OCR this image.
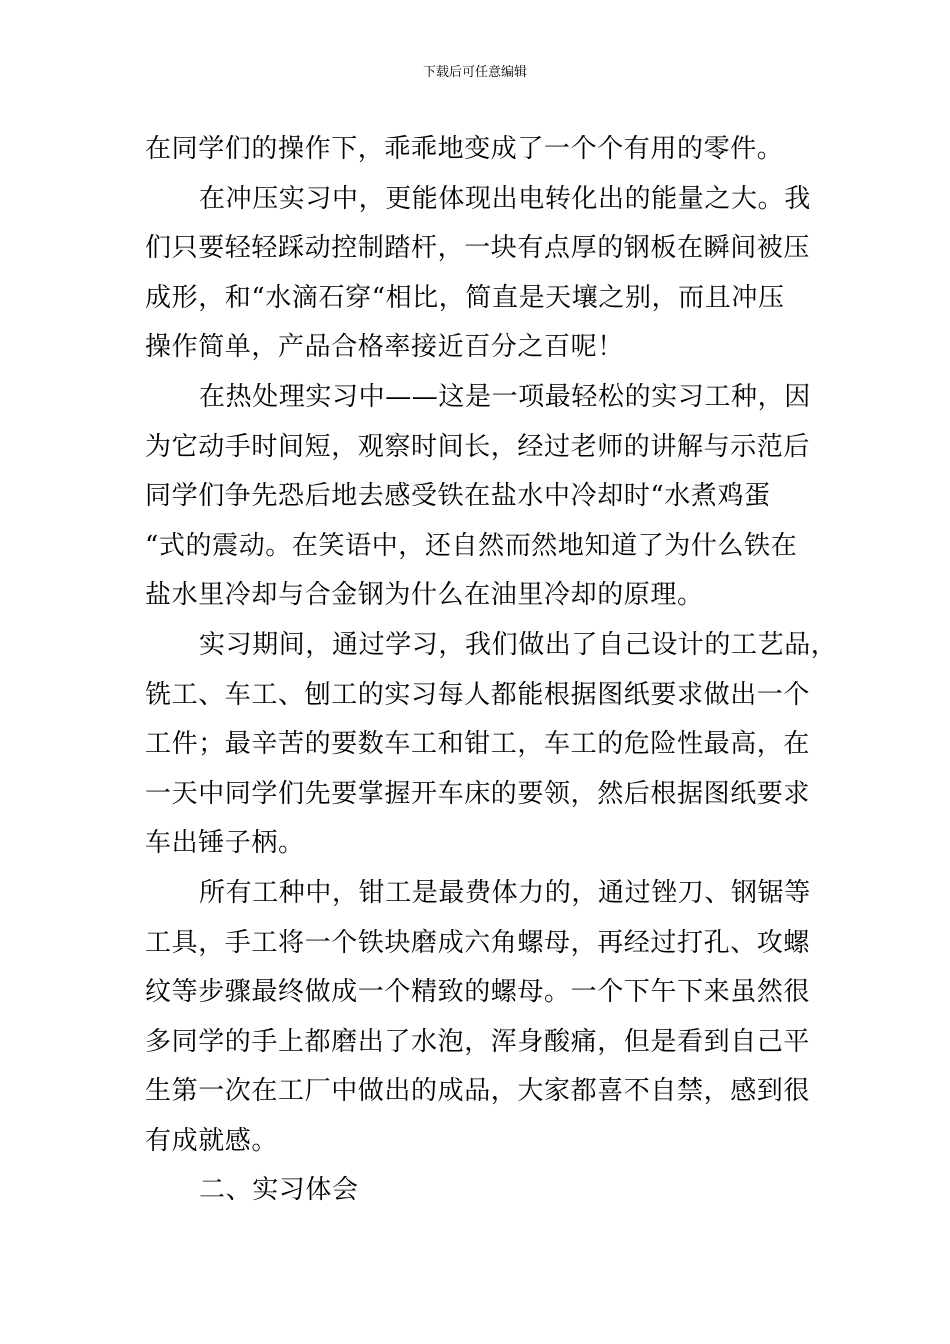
下载后可任意编辑
在同学们的操作下，乖乖地变成了一个个有用的零件。
在冲压实习中，更能体现出电转化出的能量之大。我
们只要轻轻踩动控制踏杆，一块有点厚的钢板在瞬间被压
成形，和“水滴石穿“相比，简直是天壤之别，而且冲压
操作简单，产品合格率接近百分之百呢！
在热处理实习中——这是一项最轻松的实习工种，因
为它动手时间短，观察时间长，经过老师的讲解与示范后
同学们争先恐后地去感受铁在盐水中冷却时“水煮鸡蛋
“式的震动。在笑语中，还自然而然地知道了为什么铁在
盐水里冷却与合金钢为什么在油里冷却的原理。
实习期间，通过学习，我们做出了自己设计的工艺品，
铣工、车工、刨工的实习每人都能根据图纸要求做出一个
工件；最辛苦的要数车工和钳工，车工的危险性最高，在
一天中同学们先要掌握开车床的要领，然后根据图纸要求
车出锤子柄。
所有工种中，钳工是最费体力的，通过锉刀、钢锯等
工具，手工将一个铁块磨成六角螺母，再经过打孔、攻螺
纹等步骤最终做成一个精致的螺母。一个下午下来虽然很
多同学的手上都磨出了水泡，浑身酸痛，但是看到自己平
生第一次在工厂中做出的成品，大家都喜不自禁，感到很
有成就感。
二、实习体会
